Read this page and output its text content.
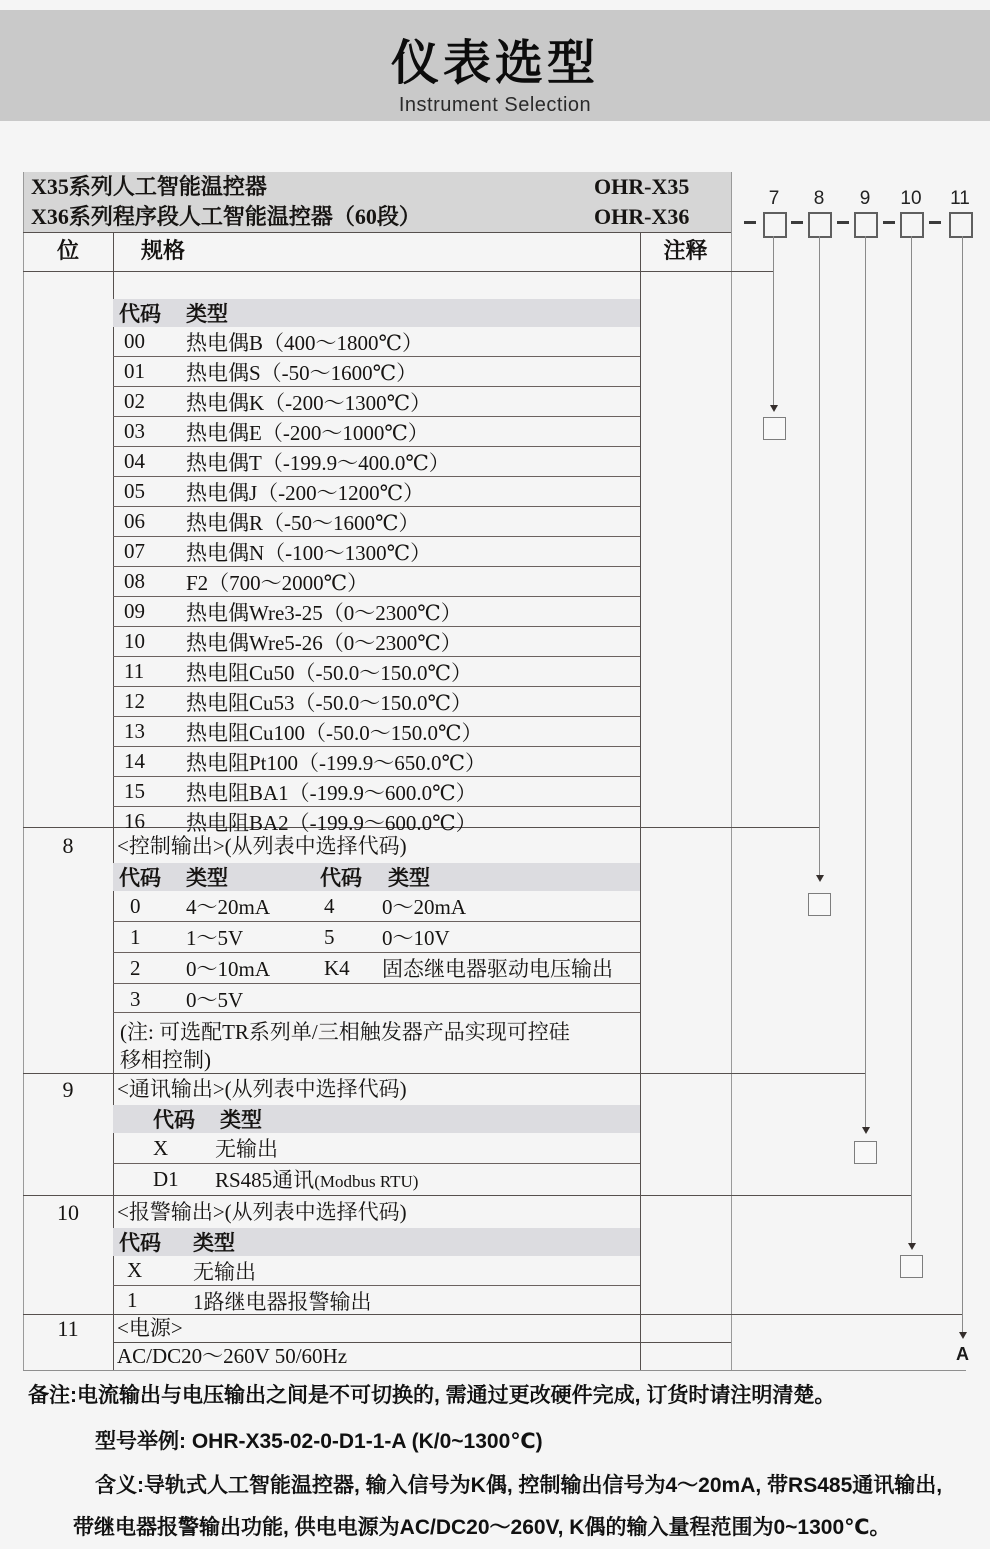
仪表选型
Instrument Selection
X35系列人工智能温控器	OHR-X35
X36系列程序段人工智能温控器（60段）	OHR-X36
7	8	9	10 11
A
位	规格	注释
代码	类型
00	热电偶B（400～1800℃）
01	热电偶S（-50～1600℃）
02	热电偶K（-200～1300℃）
03	热电偶E（-200～1000℃）
04	热电偶T（-199.9～400.0℃）
05	热电偶J（-200～1200℃）
06	热电偶R（-50～1600℃）
07	热电偶N（-100～1300℃）
08	F2（700～2000℃）
09	热电偶Wre3-25（0～2300℃）
10	热电偶Wre5-26（0～2300℃）
11	热电阻Cu50（-50.0～150.0℃）
12	热电阻Cu53（-50.0～150.0℃）
13	热电阻Cu100（-50.0～150.0℃）
14	热电阻Pt100（-199.9～650.0℃）
15	热电阻BA1（-199.9～600.0℃）
16	热电阻BA2（-199.9～600.0℃）
8	<控制输出>(从列表中选择代码)
代码	类型	代码	类型
0	4～20mA	4	0～20mA
1	1～5V	5	0～10V
2	0～10mA	K4	固态继电器驱动电压输出
3	0～5V
(注: 可选配TR系列单/三相触发器产品实现可控硅
移相控制)
9	<通讯输出>(从列表中选择代码)
代码	类型
X	无输出
D1	RS485通讯(Modbus RTU)
10	<报警输出>(从列表中选择代码)
代码	类型
X	无输出
1	1路继电器报警输出
11	<电源>
AC/DC20～260V 50/60Hz
备注:电流输出与电压输出之间是不可切换的, 需通过更改硬件完成, 订货时请注明清楚。
型号举例: OHR-X35-02-0-D1-1-A (K/0~1300℃)
含义:导轨式人工智能温控器, 输入信号为K偶, 控制输出信号为4～20mA, 带RS485通讯输出,
带继电器报警输出功能, 供电电源为AC/DC20～260V, K偶的输入量程范围为0~1300℃。
